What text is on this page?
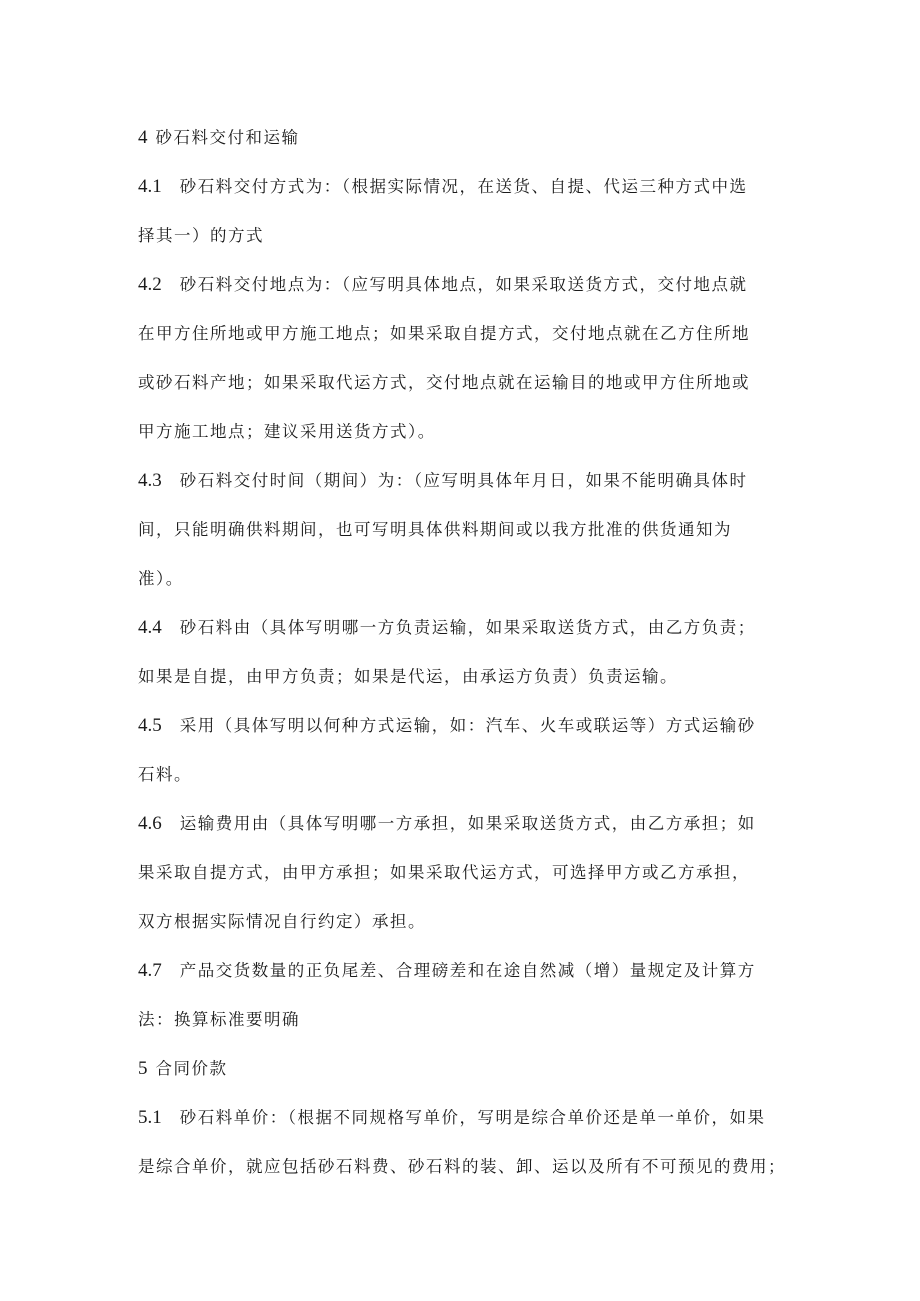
4 砂石料交付和运输
4.1 砂石料交付方式为：（根据实际情况，在送货、自提、代运三种方式中选
择其一）的方式
4.2 砂石料交付地点为：（应写明具体地点，如果采取送货方式，交付地点就
在甲方住所地或甲方施工地点；如果采取自提方式，交付地点就在乙方住所地
或砂石料产地；如果采取代运方式，交付地点就在运输目的地或甲方住所地或
甲方施工地点；建议采用送货方式）。
4.3 砂石料交付时间（期间）为：（应写明具体年月日，如果不能明确具体时
间，只能明确供料期间，也可写明具体供料期间或以我方批准的供货通知为
准）。
4.4 砂石料由（具体写明哪一方负责运输，如果采取送货方式，由乙方负责；
如果是自提，由甲方负责；如果是代运，由承运方负责）负责运输。
4.5 采用（具体写明以何种方式运输，如：汽车、火车或联运等）方式运输砂
石料。
4.6 运输费用由（具体写明哪一方承担，如果采取送货方式，由乙方承担；如
果采取自提方式，由甲方承担；如果采取代运方式，可选择甲方或乙方承担，
双方根据实际情况自行约定）承担。
4.7 产品交货数量的正负尾差、合理磅差和在途自然减（增）量规定及计算方
法：换算标准要明确
5 合同价款
5.1 砂石料单价：（根据不同规格写单价，写明是综合单价还是单一单价，如果
是综合单价，就应包括砂石料费、砂石料的装、卸、运以及所有不可预见的费用；
